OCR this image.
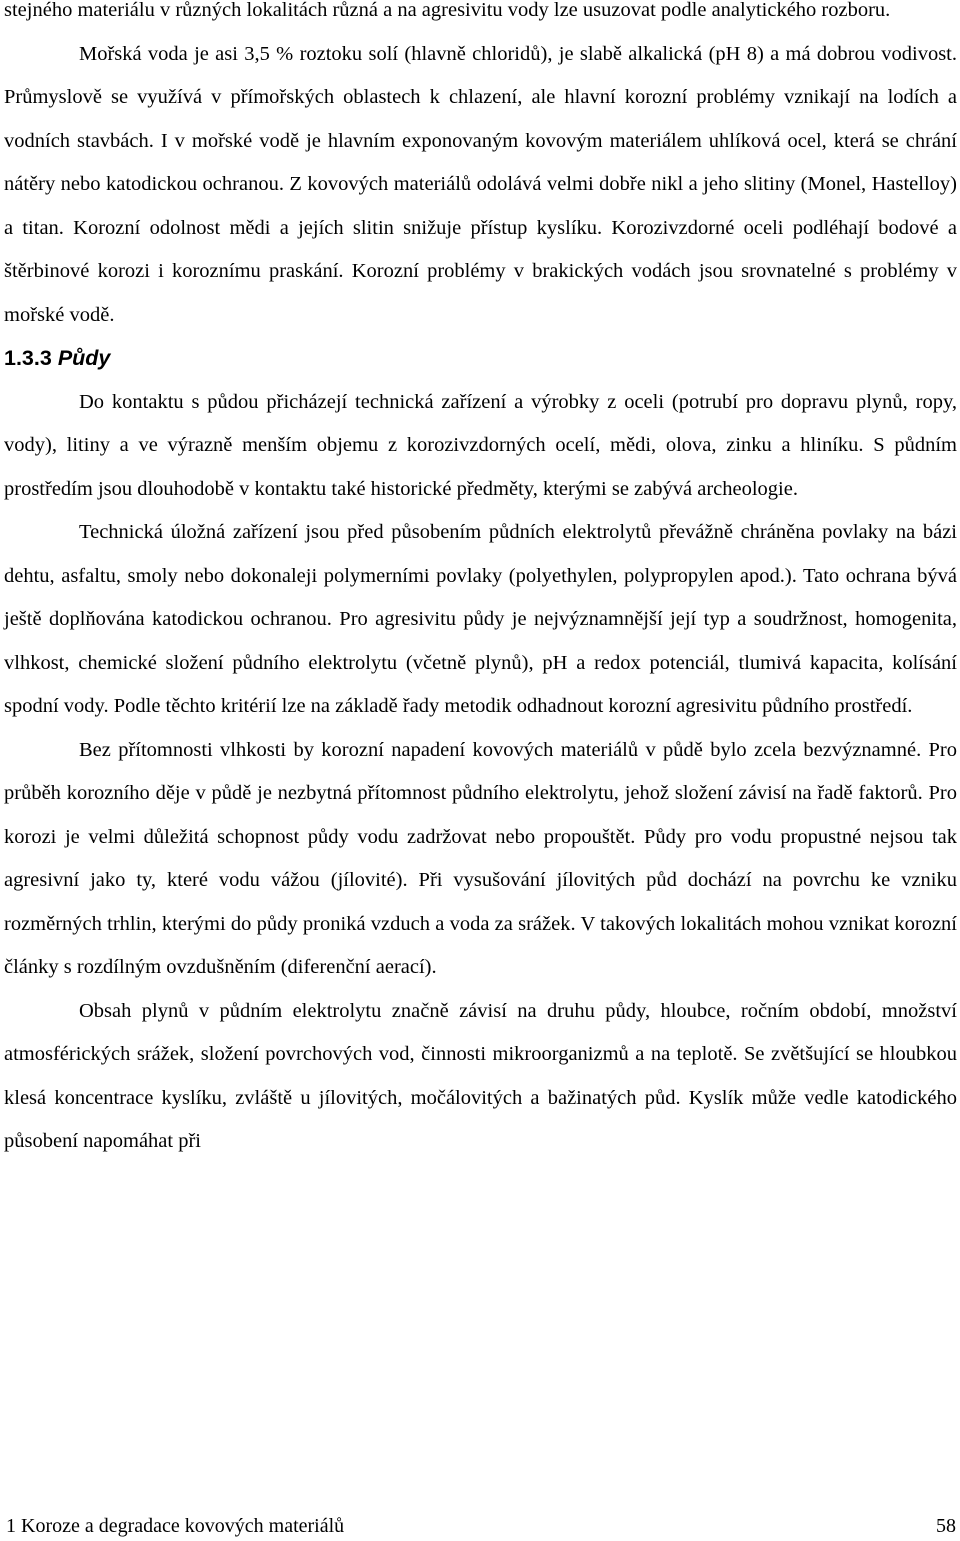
stejného materiálu v různých lokalitách různá a na agresivitu vody lze usuzovat podle analytického rozboru.

Mořská voda je asi 3,5 % roztoku solí (hlavně chloridů), je slabě alkalická (pH 8) a má dobrou vodivost. Průmyslově se využívá v přímořských oblastech k chlazení, ale hlavní korozní problémy vznikají na lodích a vodních stavbách. I v mořské vodě je hlavním exponovaným kovovým materiálem uhlíková ocel, která se chrání nátěry nebo katodickou ochranou. Z kovových materiálů odolává velmi dobře nikl a jeho slitiny (Monel, Hastelloy) a titan. Korozní odolnost mědi a jejích slitin snižuje přístup kyslíku. Korozivzdorné oceli podléhají bodové a štěrbinové korozi i koroznímu praskání. Korozní problémy v brakických vodách jsou srovnatelné s problémy v mořské vodě.

1.3.3 Půdy

Do kontaktu s půdou přicházejí technická zařízení a výrobky z oceli (potrubí pro dopravu plynů, ropy, vody), litiny a ve výrazně menším objemu z korozivzdorných ocelí, mědi, olova, zinku a hliníku. S půdním prostředím jsou dlouhodobě v kontaktu také historické předměty, kterými se zabývá archeologie.

Technická úložná zařízení jsou před působením půdních elektrolytů převážně chráněna povlaky na bázi dehtu, asfaltu, smoly nebo dokonaleji polymerními povlaky (polyethylen, polypropylen apod.). Tato ochrana bývá ještě doplňována katodickou ochranou. Pro agresivitu půdy je nejvýznamnější její typ a soudržnost, homogenita, vlhkost, chemické složení půdního elektrolytu (včetně plynů), pH a redox potenciál, tlumivá kapacita, kolísání spodní vody. Podle těchto kritérií lze na základě řady metodik odhadnout korozní agresivitu půdního prostředí.

Bez přítomnosti vlhkosti by korozní napadení kovových materiálů v půdě bylo zcela bezvýznamné. Pro průběh korozního děje v půdě je nezbytná přítomnost půdního elektrolytu, jehož složení závisí na řadě faktorů. Pro korozi je velmi důležitá schopnost půdy vodu zadržovat nebo propouštět. Půdy pro vodu propustné nejsou tak agresivní jako ty, které vodu vážou (jílovité). Při vysušování jílovitých půd dochází na povrchu ke vzniku rozměrných trhlin, kterými do půdy proniká vzduch a voda za srážek. V takových lokalitách mohou vznikat korozní články s rozdílným ovzdušněním (diferenční aerací).

Obsah plynů v půdním elektrolytu značně závisí na druhu půdy, hloubce, ročním období, množství atmosférických srážek, složení povrchových vod, činnosti mikroorganizmů a na teplotě. Se zvětšující se hloubkou klesá koncentrace kyslíku, zvláště u jílovitých, močálovitých a bažinatých půd. Kyslík může vedle katodického působení napomáhat při

1 Koroze a degradace kovových materiálů	58
